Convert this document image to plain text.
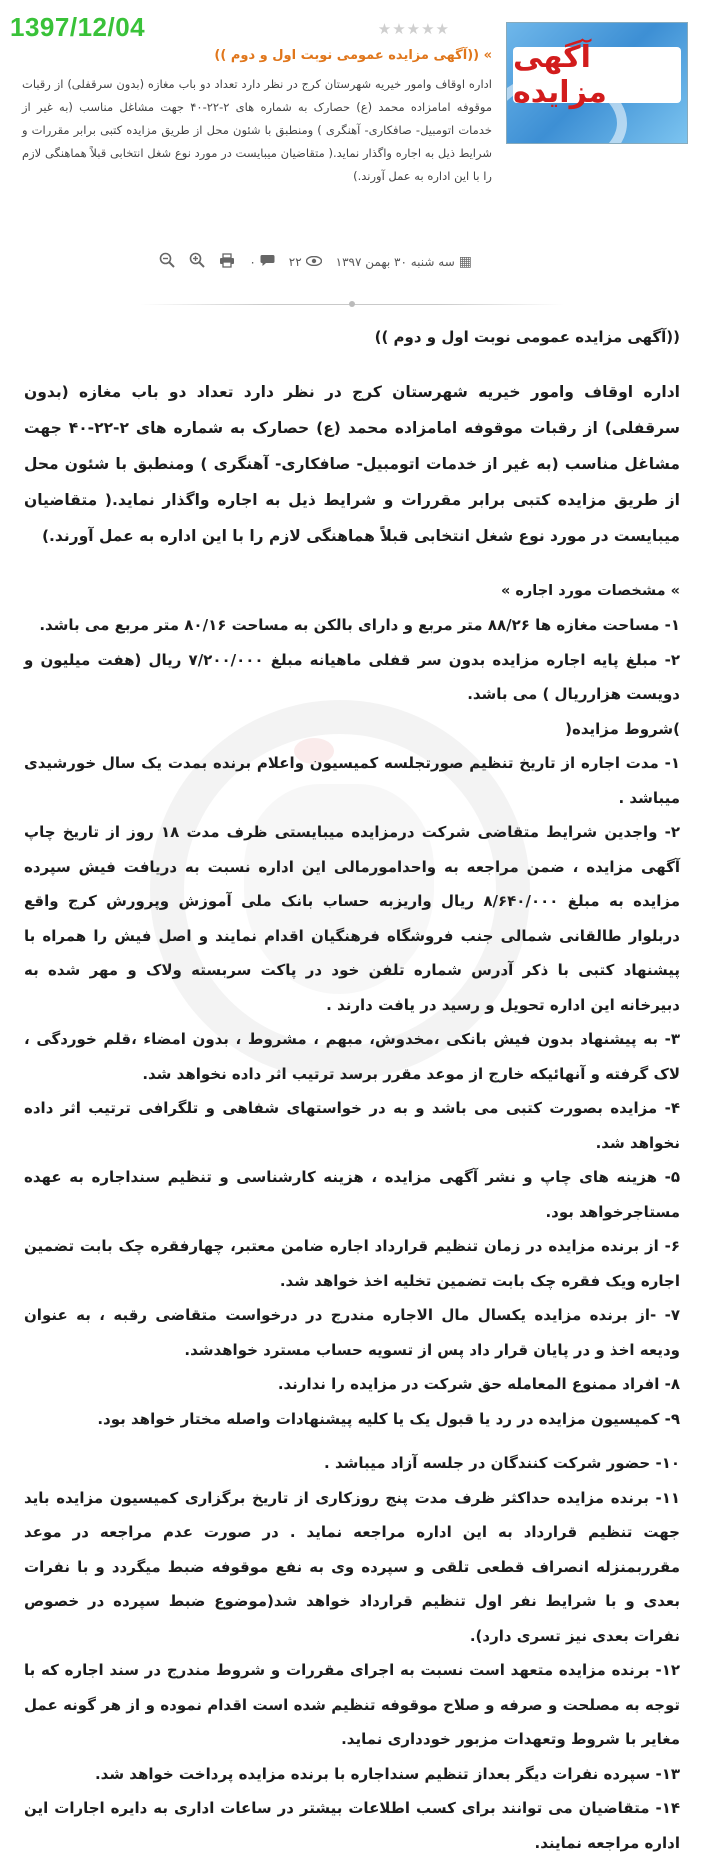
1397/12/04
آگهی مزایده
★★★★★

» ((آگهی مزایده عمومی نوبت اول و دوم ))

اداره اوقاف وامور خیریه شهرستان کرج در نظر دارد تعداد دو باب مغازه (بدون سرقفلی) از رقبات موقوفه امامزاده محمد (ع) حصارک به شماره های ۲-۲۲-۴۰ جهت مشاغل مناسب (به غیر از خدمات اتومبیل- صافکاری- آهنگری ) ومنطبق با شئون محل از طریق مزایده کتبی برابر مقررات و شرایط ذیل به اجاره واگذار نماید.( متقاضیان میبایست در مورد نوع شغل انتخابی قبلاً هماهنگی لازم را با این اداره به عمل آورند.)

▦
سه شنبه ۳۰ بهمن ۱۳۹۷
۲۲
۰

((آگهی مزایده عمومی نوبت اول و دوم ))

اداره اوقاف وامور خیریه شهرستان کرج در نظر دارد تعداد دو باب مغازه (بدون سرقفلی) از رقبات موقوفه امامزاده محمد (ع) حصارک به شماره های ۲-۲۲-۴۰ جهت مشاغل مناسب (به غیر از خدمات اتومبیل- صافکاری- آهنگری ) ومنطبق با شئون محل از طریق مزایده کتبی برابر مقررات و شرایط ذیل به اجاره واگذار نماید.( متقاضیان میبایست در مورد نوع شغل انتخابی قبلاً هماهنگی لازم را با این اداره به عمل آورند.)

» مشخصات مورد اجاره »

۱- مساحت مغازه ها ۸۸/۲۶ متر مربع و دارای بالکن به مساحت ۸۰/۱۶ متر مربع می باشد.

۲- مبلغ پایه اجاره مزایده بدون سر قفلی ماهیانه مبلغ ۷/۲۰۰/۰۰۰ ریال (هفت میلیون و دویست هزارریال ) می باشد.

)شروط مزایده(

۱- مدت اجاره از تاریخ تنظیم صورتجلسه کمیسیون واعلام برنده بمدت یک سال خورشیدی میباشد .

۲- واجدین شرایط متقاضی شرکت درمزایده میبایستی ظرف مدت ۱۸ روز از تاریخ چاپ آگهی مزایده ، ضمن مراجعه به واحدامورمالی این اداره نسبت به دریافت فیش سپرده مزایده به مبلغ ۸/۶۴۰/۰۰۰ ریال واریزبه حساب بانک ملی آموزش وپرورش کرج واقع دربلوار طالقانی شمالی جنب فروشگاه فرهنگیان اقدام نمایند و اصل فیش را همراه با پیشنهاد کتبی با ذکر آدرس شماره تلفن خود در پاکت سربسته ولاک و مهر شده به دبیرخانه این اداره تحویل و رسید در یافت دارند .

۳- به پیشنهاد بدون فیش بانکی ،مخدوش، مبهم ، مشروط ، بدون امضاء ،قلم خوردگی ، لاک گرفته و آنهائیکه خارج از موعد مقرر برسد ترتیب اثر داده نخواهد شد.

۴- مزایده بصورت کتبی می باشد و به در خواستهای شفاهی و تلگرافی ترتیب اثر داده نخواهد شد.

۵- هزینه های چاپ و نشر آگهی مزایده ، هزینه کارشناسی و تنظیم سنداجاره به عهده مستاجرخواهد بود.

۶- از برنده مزایده در زمان تنظیم قرارداد اجاره ضامن معتبر، چهارفقره چک بابت تضمین اجاره ویک فقره چک بابت تضمین تخلیه اخذ خواهد شد.

۷- -از برنده مزایده یکسال مال الاجاره مندرج در درخواست متقاضی رقبه ، به عنوان ودیعه اخذ و در پایان قرار داد پس از تسویه حساب مسترد خواهدشد.

۸- افراد ممنوع المعامله حق شرکت در مزایده را ندارند.

۹- کمیسیون مزایده در رد یا قبول یک یا کلیه پیشنهادات واصله مختار خواهد بود.

۱۰- حضور شرکت کنندگان در جلسه آزاد میباشد .

۱۱- برنده مزایده حداکثر ظرف مدت پنج روزکاری از تاریخ برگزاری کمیسیون مزایده باید جهت تنظیم قرارداد به این اداره مراجعه نماید . در صورت عدم مراجعه در موعد مقرربمنزله انصراف قطعی تلقی و سپرده وی به نفع موقوفه ضبط میگردد و با نفرات بعدی و با شرایط نفر اول تنظیم قرارداد خواهد شد(موضوع ضبط سپرده در خصوص نفرات بعدی نیز تسری دارد).

۱۲- برنده مزایده متعهد است نسبت به اجرای مقررات و شروط مندرج در سند اجاره که با توجه به مصلحت و صرفه و صلاح موقوفه تنظیم شده است اقدام نموده و از هر گونه عمل مغایر با شروط وتعهدات مزبور خودداری نماید.

۱۳- سپرده نفرات دیگر بعداز تنظیم سنداجاره با برنده مزایده پرداخت خواهد شد.

۱۴- متقاضیان می توانند برای کسب اطلاعات بیشتر در ساعات اداری به دایره اجارات این اداره مراجعه نمایند.
